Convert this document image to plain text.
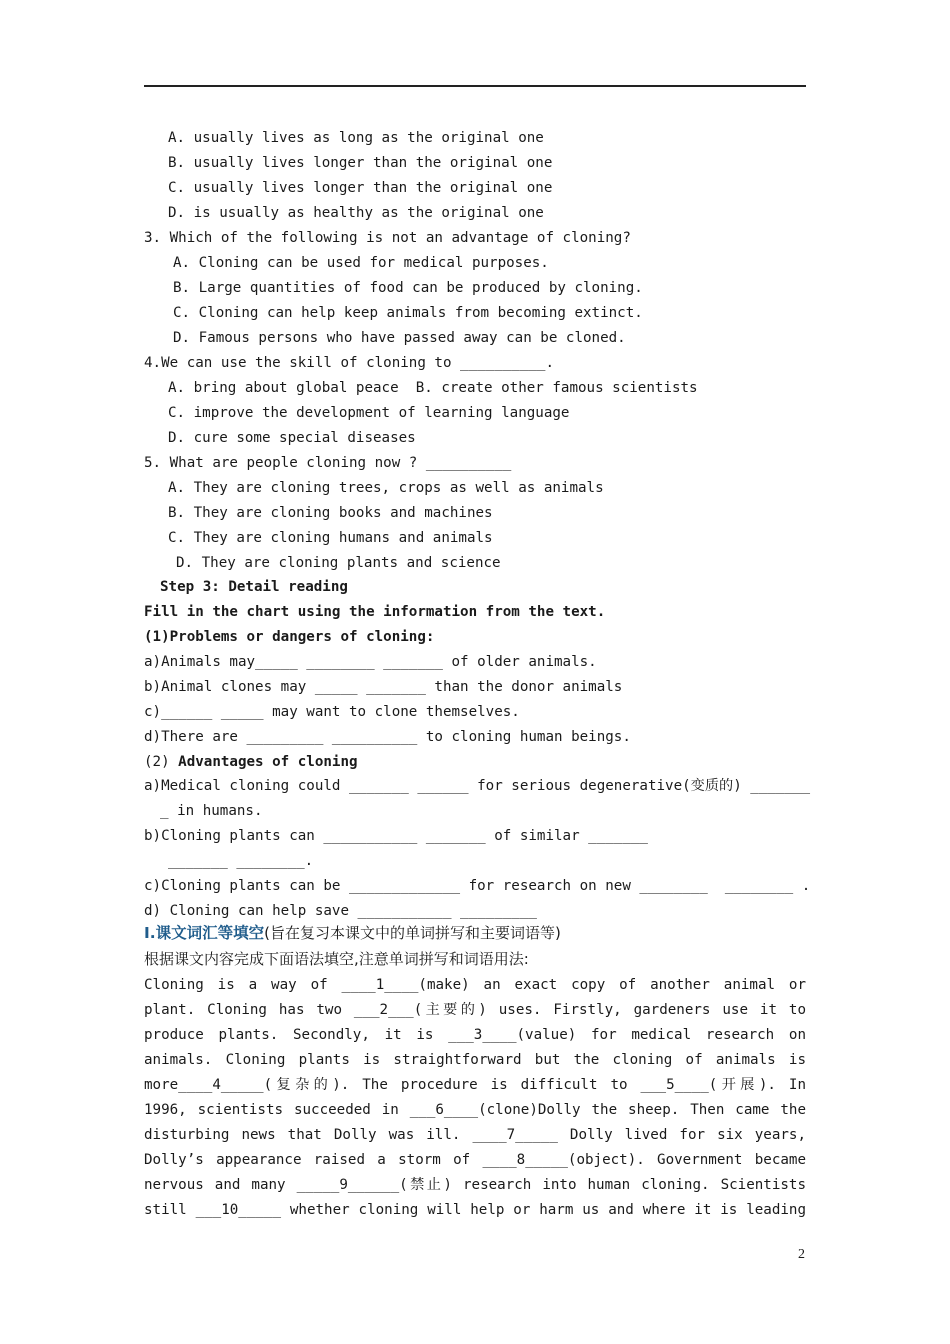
A. usually lives as long as the original one
B. usually lives longer than the original one
C. usually lives longer than the original one
D. is usually as healthy as the original one
3. Which of the following is not an advantage of cloning?
A. Cloning can be used for medical purposes.
B. Large quantities of food can be produced by cloning.
C. Cloning can help keep animals from becoming extinct.
D. Famous persons who have passed away can be cloned.
4.We can use the skill of cloning to __________.
A. bring about global peace  B. create other famous scientists
C. improve the development of learning language
D. cure some special diseases
5. What are people cloning now ? __________
A. They are cloning trees, crops as well as animals
B. They are cloning books and machines
C. They are cloning humans and animals
D. They are cloning plants and science
Step 3: Detail reading
Fill in the chart using the information from the text.
(1)Problems or dangers of cloning:
a)Animals may_____ ________ _______ of older animals.
b)Animal clones may _____ _______ than the donor animals
c)______ _____ may want to clone themselves.
d)There are _________ __________ to cloning human beings.
(2) Advantages of cloning
a)Medical cloning could _______ ______ for serious degenerative(变质的) _______
_ in humans.
b)Cloning plants can ___________ _______ of similar _______
_______ ________.
c)Cloning plants can be _____________ for research on new ________  ________ .
d) Cloning can help save ___________ _________
Ⅰ.课文词汇等填空(旨在复习本课文中的单词拼写和主要词语等)
根据课文内容完成下面语法填空,注意单词拼写和词语用法:
Cloning is a way of ____1____(make) an exact copy of another animal or
plant. Cloning has two ___2___(主要的) uses. Firstly, gardeners use it to
produce plants. Secondly, it is ___3____(value) for medical research on
animals. Cloning plants is straightforward but the cloning of animals is
more____4_____(复杂的). The procedure is difficult to ___5____(开展). In
1996, scientists succeeded in ___6____(clone)Dolly the sheep. Then came the
disturbing news that Dolly was ill. ____7_____ Dolly lived for six years,
Dolly’s appearance raised a storm of ____8_____(object). Government became
nervous and many _____9______(禁止) research into human cloning. Scientists
still ___10_____ whether cloning will help or harm us and where it is leading
2
